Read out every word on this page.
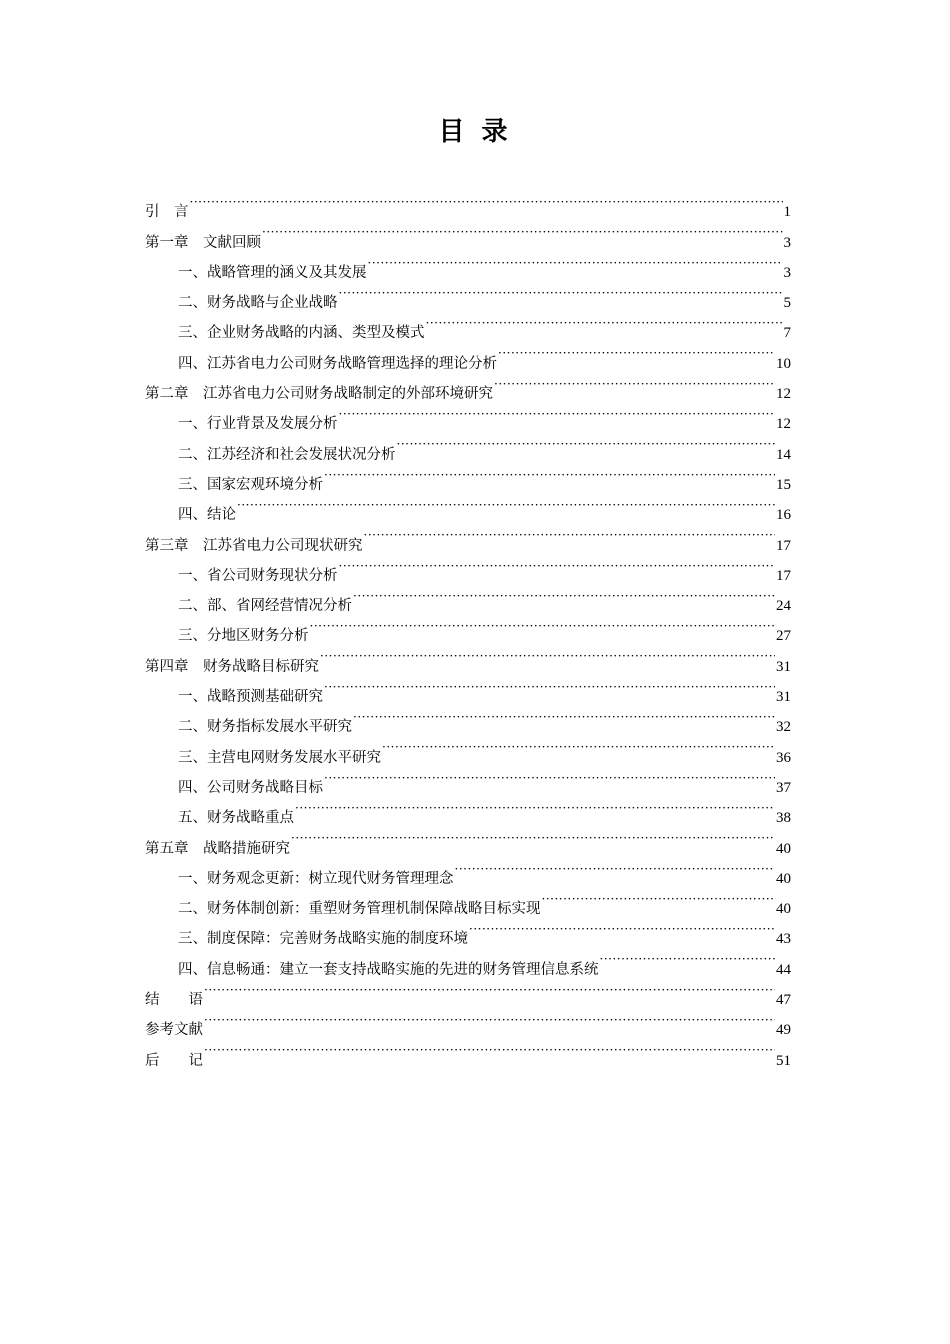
目 录
引　言 ·····	1
第一章　文献回顾 ·····	3
一、战略管理的涵义及其发展 ·····	3
二、财务战略与企业战略 ·····	5
三、企业财务战略的内涵、类型及模式 ·····	7
四、江苏省电力公司财务战略管理选择的理论分析 ·····	10
第二章　江苏省电力公司财务战略制定的外部环境研究 ·····	12
一、行业背景及发展分析 ·····	12
二、江苏经济和社会发展状况分析 ·····	14
三、国家宏观环境分析 ·····	15
四、结论 ·····	16
第三章　江苏省电力公司现状研究 ·····	17
一、省公司财务现状分析 ·····	17
二、部、省网经营情况分析 ·····	24
三、分地区财务分析 ·····	27
第四章　财务战略目标研究 ·····	31
一、战略预测基础研究 ·····	31
二、财务指标发展水平研究 ·····	32
三、主营电网财务发展水平研究 ·····	36
四、公司财务战略目标 ·····	37
五、财务战略重点 ·····	38
第五章　战略措施研究 ·····	40
一、财务观念更新：树立现代财务管理理念 ·····	40
二、财务体制创新：重塑财务管理机制保障战略目标实现 ·····	40
三、制度保障：完善财务战略实施的制度环境 ·····	43
四、信息畅通：建立一套支持战略实施的先进的财务管理信息系统 ·····	44
结　　语 ·····	47
参考文献 ·····	49
后　　记 ·····	51
